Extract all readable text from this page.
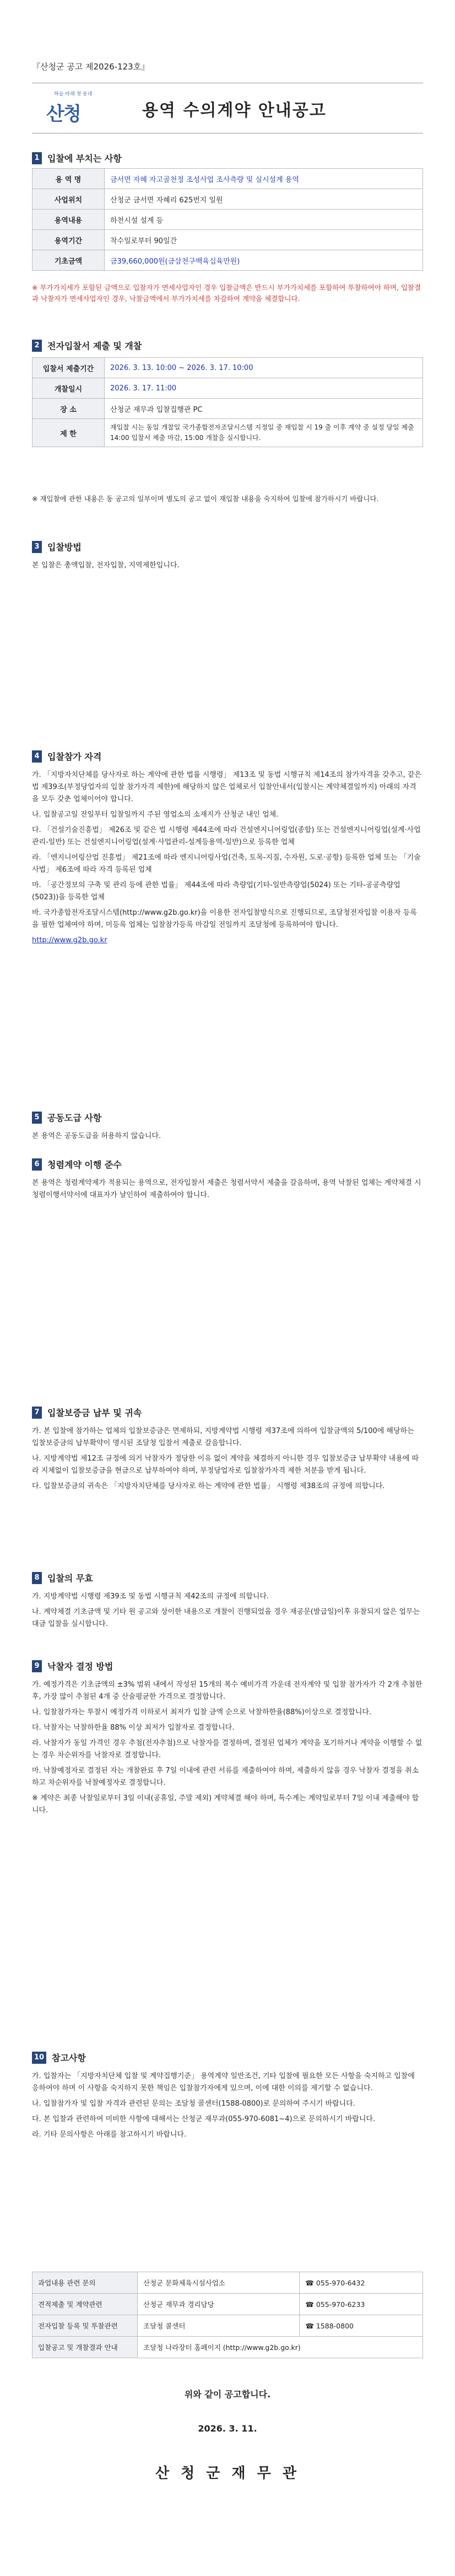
『산청군 공고 제2026-123호』
하늘 아래 첫 동네
산청	용역 수의계약 안내공고
1 입찰에 부치는 사항
용 역 명	금서면 자혜 자고골천정 조성사업 조사측량 및 실시설계 용역
사업위치	산청군 금서면 자혜리 625번지 일원
용역내용	하천시설 설계 등
용역기간	착수일로부터 90일간
기초금액	금39,660,000원(금삼천구백육십육만원)
※ 부가가치세가 포함된 금액으로 입찰자가 면세사업자인 경우 입찰금액은 반드시 부가가치세를 포함하여 투찰하여야 하며, 입찰결과 낙찰자가 면세사업자인 경우, 낙찰금액에서 부가가치세를 차감하여 계약을 체결합니다.
2 전자입찰서 제출 및 개찰
입찰서 제출기간	2026. 3. 13. 10:00 ~ 2026. 3. 17. 10:00
개찰일시	2026. 3. 17. 11:00
장 소	산청군 재무과 입찰집행관 PC
제 한	재입찰 시는 동일 개찰일 국가종합전자조달시스템 지정일 중 재입찰 시 19 출 이후 계약 중 설정 당일 제출 14:00 입찰서 제출 마감, 15:00 개찰을 실시합니다.
※ 재입찰에 관한 내용은 동 공고의 일부이며 별도의 공고 없이 재입찰 내용을 숙지하여 입찰에 참가하시기 바랍니다.
3 입찰방법
본 입찰은 총액입찰, 전자입찰, 지역제한입니다.
4 입찰참가 자격

가. 「지방자치단체를 당사자로 하는 계약에 관한 법률 시행령」 제13조 및 동법 시행규칙 제14조의 참가자격을 갖추고, 같은 법 제39조(부정당업자의 입찰 참가자격 제한)에 해당하지 않은 업체로서 입찰안내서(입찰시는 계약체결일까지) 아래의 자격을 모두 갖춘 업체이어야 합니다.

나. 입찰공고일 전일부터 입찰일까지 주된 영업소의 소재지가 산청군 내인 업체.

다. 「건설기술진흥법」 제26조 및 같은 법 시행령 제44조에 따라 건설엔지니어링업(종합) 또는 건설엔지니어링업(설계·사업관리-일반) 또는 건설엔지니어링업(설계·사업관리-설계등용역-일반)으로 등록한 업체

라. 「엔지니어링산업 진흥법」 제21조에 따라 엔지니어링사업(건축, 토목-지질, 수자원, 도로·공항) 등록한 업체 또는 「기술사법」 제6조에 따라 자격 등록된 업체

마. 「공간정보의 구축 및 관리 등에 관한 법률」 제44조에 따라 측량업(기타-일반측량업(5024) 또는 기타-공공측량업(5023))을 등록한 업체

바. 국가종합전자조달시스템(http://www.g2b.go.kr)을 이용한 전자입찰방식으로 진행되므로, 조달청전자입찰 이용자 등록을 필한 업체여야 하며, 미등록 업체는 입찰참가등록 마감일 전일까지 조달청에 등록하여야 합니다.

http://www.g2b.go.kr

5 공동도급 사항
본 용역은 공동도급을 허용하지 않습니다.
6 청렴계약 이행 준수
본 용역은 청렴계약제가 적용되는 용역으로, 전자입찰서 제출은 청렴서약서 제출을 갈음하며, 용역 낙찰된 업체는 계약체결 시 청렴이행서약서에 대표자가 날인하여 제출하여야 합니다.
7 입찰보증금 납부 및 귀속

가. 본 입찰에 참가하는 업체의 입찰보증금은 면제하되, 지방계약법 시행령 제37조에 의하여 입찰금액의 5/100에 해당하는 입찰보증금의 납부확약이 명시된 조달청 입찰서 제출로 갈음합니다.

나. 지방계약법 제12조 규정에 의거 낙찰자가 정당한 이유 없이 계약을 체결하지 아니한 경우 입찰보증금 납부확약 내용에 따라 지체없이 입찰보증금을 현금으로 납부하여야 하며, 부정당업자로 입찰참가자격 제한 처분을 받게 됩니다.

다. 입찰보증금의 귀속은 「지방자치단체를 당사자로 하는 계약에 관한 법률」 시행령 제38조의 규정에 의합니다.

8 입찰의 무효

가. 지방계약법 시행령 제39조 및 동법 시행규칙 제42조의 규정에 의합니다.

나. 계약체결 기초금액 및 기타 원 공고와 상이한 내용으로 개찰이 진행되었을 경우 재공문(발급일)이후 유찰되지 않은 업무는 대금 입찰을 실시합니다.

9 낙찰자 결정 방법

가. 예정가격은 기초금액의 ±3% 범위 내에서 작성된 15개의 복수 예비가격 가운데 전자계약 및 입찰 참가자가 각 2개 추첨한 후, 가장 많이 추첨된 4개 중 산술평균한 가격으로 결정합니다.

나. 입찰참가자는 투찰시 예정가격 이하로서 최저가 입찰 금액 순으로 낙찰하한율(88%)이상으로 결정합니다.

다. 낙찰자는 낙찰하한율 88% 이상 최저가 입찰자로 결정합니다.

라. 낙찰자가 동일 가격인 경우 추첨(전자추첨)으로 낙찰자를 결정하며, 결정된 업체가 계약을 포기하거나 계약을 이행할 수 없는 경우 차순위자를 낙찰자로 결정합니다.

마. 낙찰예정자로 결정된 자는 개찰완료 후 7일 이내에 관련 서류를 제출하여야 하며, 제출하지 않을 경우 낙찰자 결정을 취소하고 차순위자를 낙찰예정자로 결정합니다.

※ 계약은 최종 낙찰일로부터 3일 이내(공휴일, 주말 제외) 계약체결 해야 하며, 특수계는 계약일로부터 7일 이내 제출해야 합니다.

10 참고사항

가. 입찰자는 「지방자치단체 입찰 및 계약집행기준」 용역계약 일반조건, 기타 입찰에 필요한 모든 사항을 숙지하고 입찰에 응하여야 하며 이 사항을 숙지하지 못한 책임은 입찰참가자에게 있으며, 이에 대한 이의를 제기할 수 없습니다.

나. 입찰참가자 및 입찰 자격과 관련된 문의는 조달청 콜센터(1588-0800)로 문의하여 주시기 바랍니다.

다. 본 입찰과 관련하여 미비한 사항에 대해서는 산청군 재무과(055-970-6081~4)으로 문의하시기 바랍니다.

라. 기타 문의사항은 아래를 참고하시기 바랍니다.

과업내용 관련 문의	산청군 문화체육시설사업소	☎ 055-970-6432
견적제출 및 계약관련	산청군 재무과 경리담당	☎ 055-970-6233
전자입찰 등록 및 투찰관련	조달청 콜센터	☎ 1588-0800
입찰공고 및 개찰결과 안내	조달청 나라장터 홈페이지 (http://www.g2b.go.kr)	
위와 같이 공고합니다.
2026. 3. 11.
산 청 군 재 무 관
